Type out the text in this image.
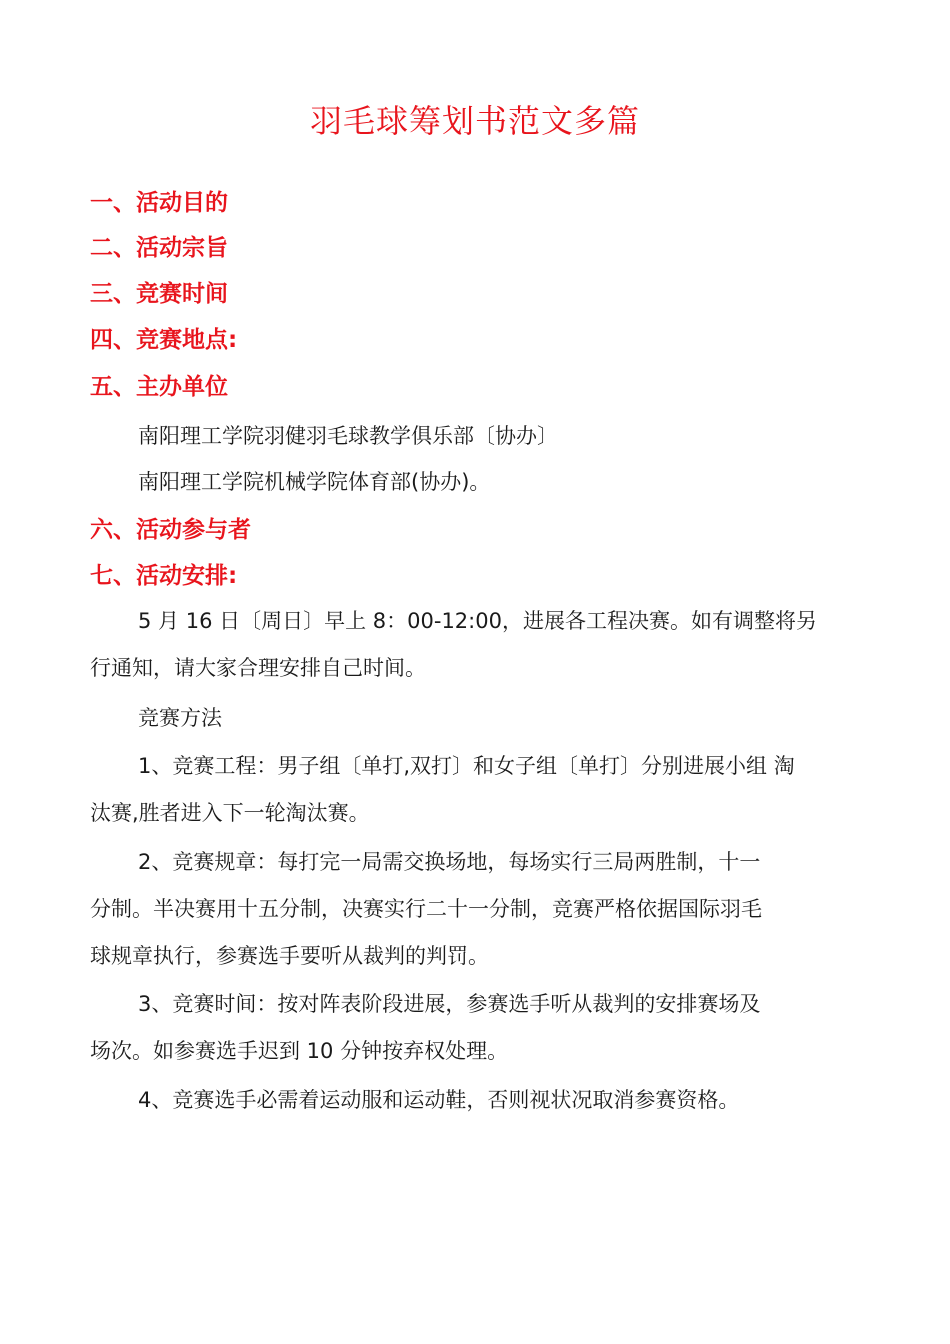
羽毛球筹划书范文多篇
一、活动目的
二、活动宗旨
三、竞赛时间
四、竞赛地点:
五、主办单位
南阳理工学院羽健羽毛球教学俱乐部〔协办〕
南阳理工学院机械学院体育部(协办)。
六、活动参与者
七、活动安排:
5 月 16 日〔周日〕早上 8：00-12:00，进展各工程决赛。如有调整将另
行通知，请大家合理安排自己时间。
竞赛方法
1、竞赛工程：男子组〔单打,双打〕和女子组〔单打〕分别进展小组 淘
汰赛,胜者进入下一轮淘汰赛。
2、竞赛规章：每打完一局需交换场地，每场实行三局两胜制，十一
分制。半决赛用十五分制，决赛实行二十一分制，竞赛严格依据国际羽毛
球规章执行，参赛选手要听从裁判的判罚。
3、竞赛时间：按对阵表阶段进展，参赛选手听从裁判的安排赛场及
场次。如参赛选手迟到 10 分钟按弃权处理。
4、竞赛选手必需着运动服和运动鞋，否则视状况取消参赛资格。
